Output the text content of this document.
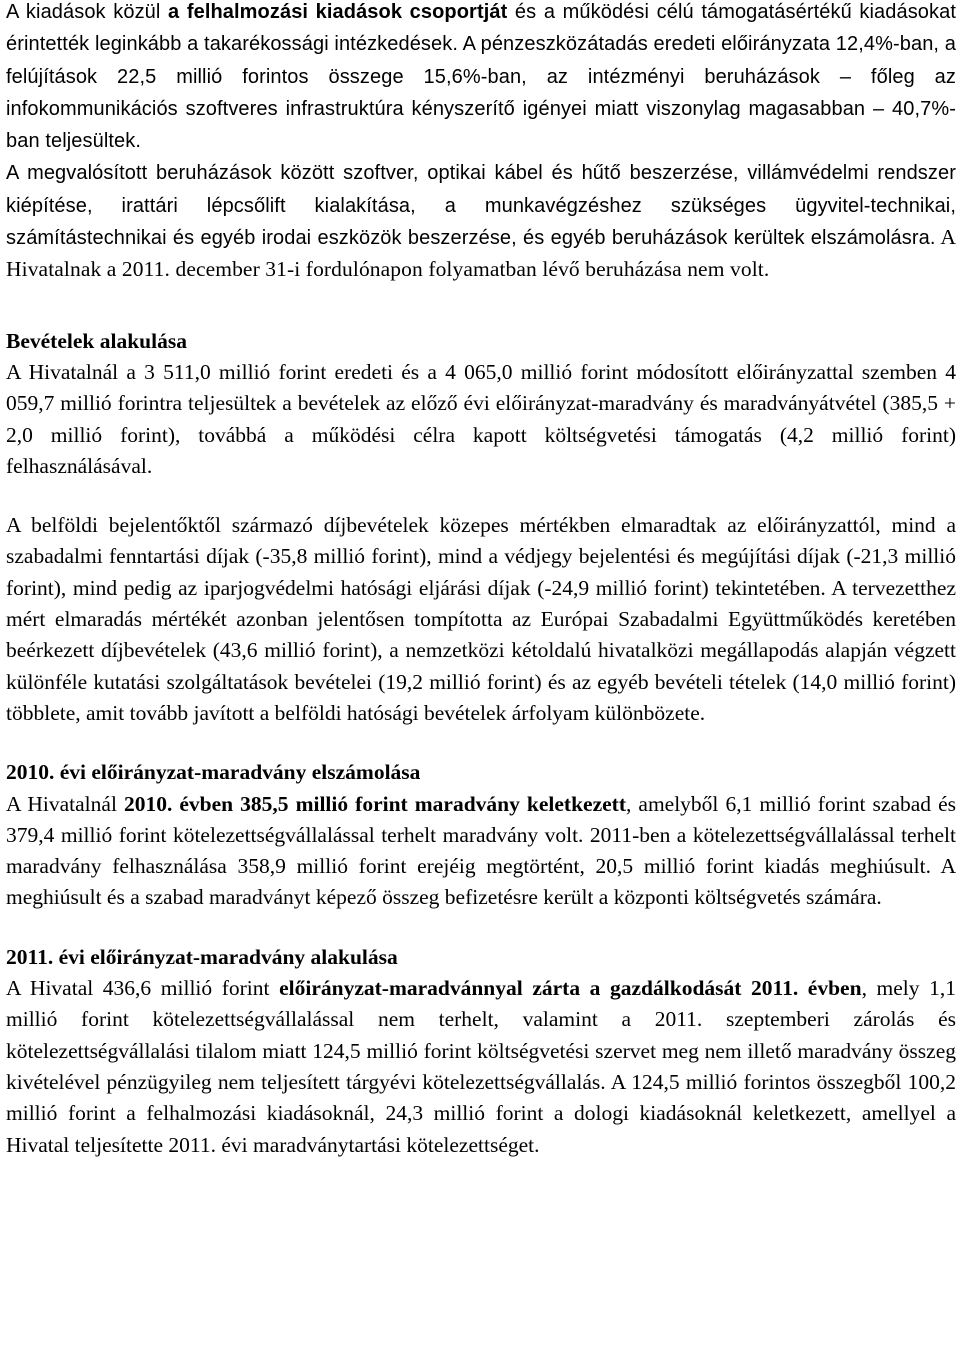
A kiadások közül a felhalmozási kiadások csoportját és a működési célú támogatásértékű kiadásokat érintették leginkább a takarékossági intézkedések. A pénzeszközátadás eredeti előirányzata 12,4%-ban, a felújítások 22,5 millió forintos összege 15,6%-ban, az intézményi beruházások – főleg az infokommunikációs szoftveres infrastruktúra kényszerítő igényei miatt viszonylag magasabban – 40,7%-ban teljesültek.

A megvalósított beruházások között szoftver, optikai kábel és hűtő beszerzése, villámvédelmi rendszer kiépítése, irattári lépcsőlift kialakítása, a munkavégzéshez szükséges ügyvitel-technikai, számítástechnikai és egyéb irodai eszközök beszerzése, és egyéb beruházások kerültek elszámolásra. A Hivatalnak a 2011. december 31-i fordulónapon folyamatban lévő beruházása nem volt.

Bevételek alakulása

A Hivatalnál a 3 511,0 millió forint eredeti és a 4 065,0 millió forint módosított előirányzattal szemben 4 059,7 millió forintra teljesültek a bevételek az előző évi előirányzat-maradvány és maradványátvétel (385,5 + 2,0 millió forint), továbbá a működési célra kapott költségvetési támogatás (4,2 millió forint) felhasználásával.

A belföldi bejelentőktől származó díjbevételek közepes mértékben elmaradtak az előirányzattól, mind a szabadalmi fenntartási díjak (-35,8 millió forint), mind a védjegy bejelentési és megújítási díjak (-21,3 millió forint), mind pedig az iparjogvédelmi hatósági eljárási díjak (-24,9 millió forint) tekintetében. A tervezetthez mért elmaradás mértékét azonban jelentősen tompította az Európai Szabadalmi Együttműködés keretében beérkezett díjbevételek (43,6 millió forint), a nemzetközi kétoldalú hivatalközi megállapodás alapján végzett különféle kutatási szolgáltatások bevételei (19,2 millió forint) és az egyéb bevételi tételek (14,0 millió forint) többlete, amit tovább javított a belföldi hatósági bevételek árfolyam különbözete.

2010. évi előirányzat-maradvány elszámolása

A Hivatalnál 2010. évben 385,5 millió forint maradvány keletkezett, amelyből 6,1 millió forint szabad és 379,4 millió forint kötelezettségvállalással terhelt maradvány volt. 2011-ben a kötelezettségvállalással terhelt maradvány felhasználása 358,9 millió forint erejéig megtörtént, 20,5 millió forint kiadás meghiúsult. A meghiúsult és a szabad maradványt képező összeg befizetésre került a központi költségvetés számára.

2011. évi előirányzat-maradvány alakulása

A Hivatal 436,6 millió forint előirányzat-maradvánnyal zárta a gazdálkodását 2011. évben, mely 1,1 millió forint kötelezettségvállalással nem terhelt, valamint a 2011. szeptemberi zárolás és kötelezettségvállalási tilalom miatt 124,5 millió forint költségvetési szervet meg nem illető maradvány összeg kivételével pénzügyileg nem teljesített tárgyévi kötelezettségvállalás. A 124,5 millió forintos összegből 100,2 millió forint a felhalmozási kiadásoknál, 24,3 millió forint a dologi kiadásoknál keletkezett, amellyel a Hivatal teljesítette 2011. évi maradványtartási kötelezettséget.
